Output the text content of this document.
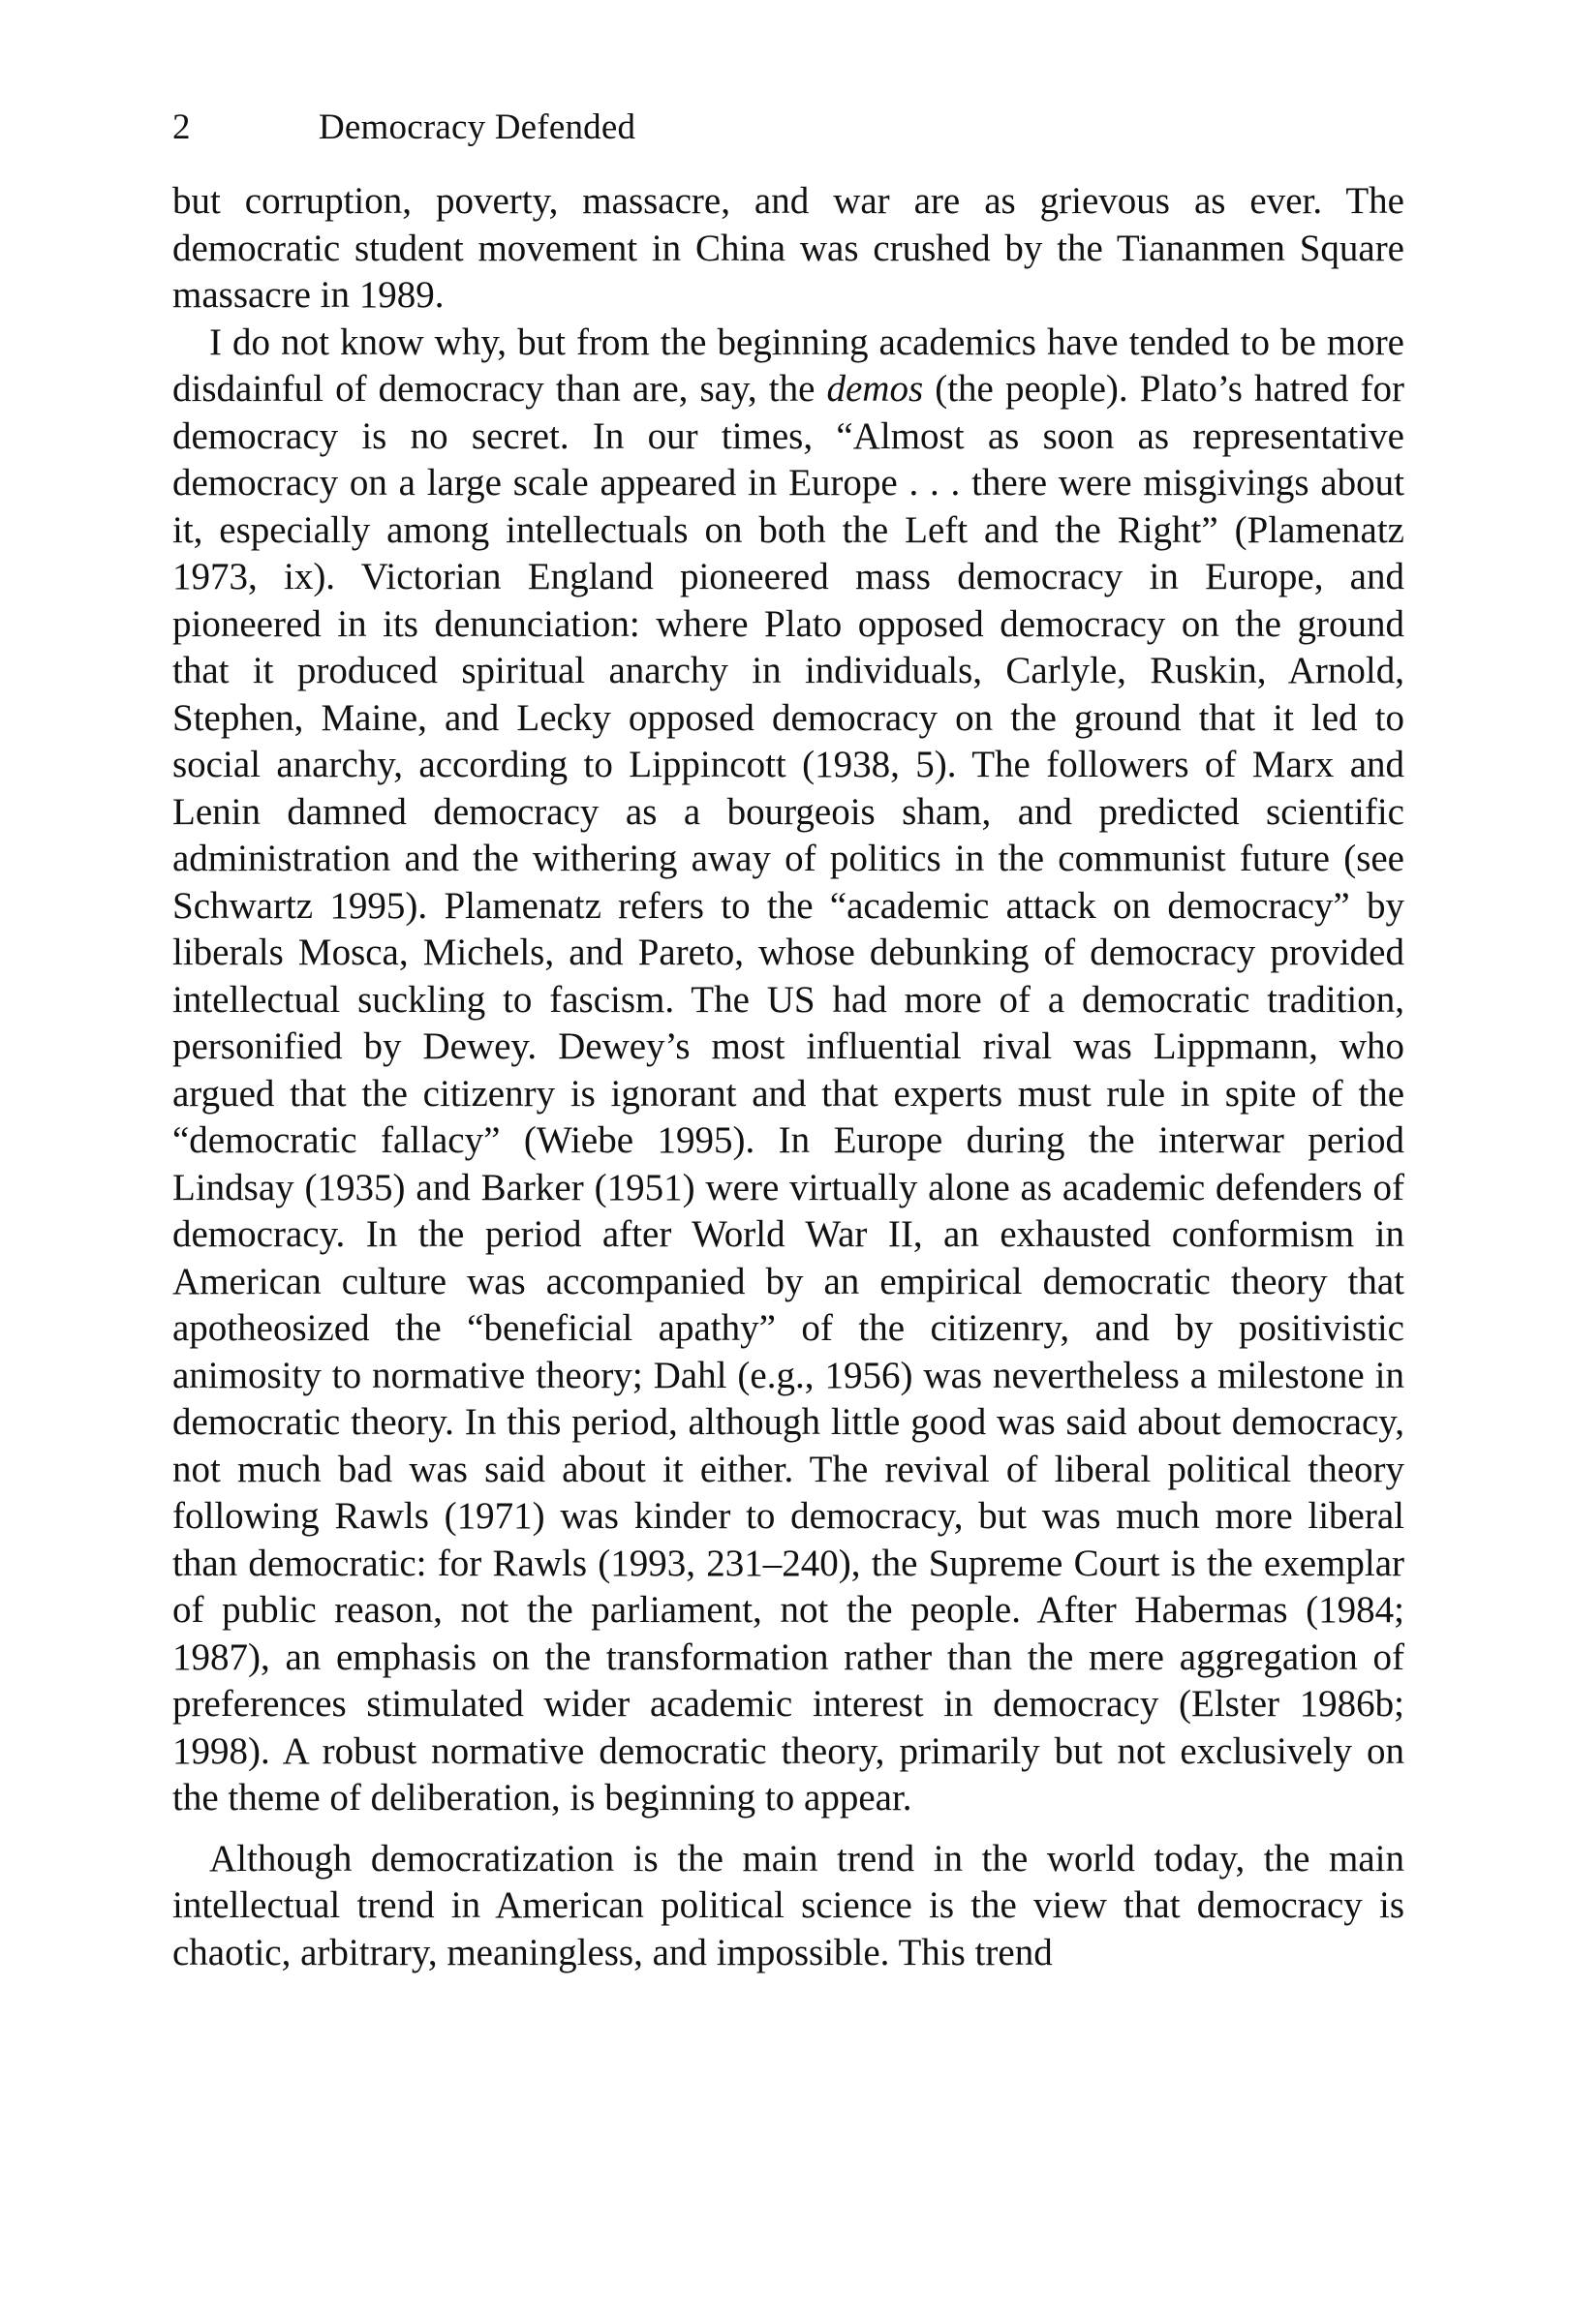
2	Democracy Defended

but corruption, poverty, massacre, and war are as grievous as ever. The democratic student movement in China was crushed by the Tiananmen Square massacre in 1989.

I do not know why, but from the beginning academics have tended to be more disdainful of democracy than are, say, the demos (the people). Plato’s hatred for democracy is no secret. In our times, “Almost as soon as representative democracy on a large scale appeared in Europe . . . there were misgivings about it, especially among intellectuals on both the Left and the Right” (Plamenatz 1973, ix). Victorian England pioneered mass democracy in Europe, and pioneered in its denunciation: where Plato opposed democracy on the ground that it produced spiritual anarchy in individuals, Carlyle, Ruskin, Arnold, Stephen, Maine, and Lecky opposed democracy on the ground that it led to social anarchy, according to Lippincott (1938, 5). The followers of Marx and Lenin damned democracy as a bourgeois sham, and predicted scientific administration and the withering away of politics in the communist future (see Schwartz 1995). Plamenatz refers to the “academic attack on democracy” by liberals Mosca, Michels, and Pareto, whose debunking of democracy provided intellectual suckling to fascism. The US had more of a democratic tradition, personified by Dewey. Dewey’s most influential rival was Lippmann, who argued that the citizenry is ignorant and that experts must rule in spite of the “democratic fallacy” (Wiebe 1995). In Europe during the interwar period Lindsay (1935) and Barker (1951) were virtually alone as academic defenders of democracy. In the period after World War II, an exhausted conformism in American culture was accompanied by an empirical democratic theory that apotheosized the “beneficial apathy” of the citizenry, and by positivistic animosity to normative theory; Dahl (e.g., 1956) was nevertheless a milestone in democratic theory. In this period, although little good was said about democracy, not much bad was said about it either. The revival of liberal political theory following Rawls (1971) was kinder to democracy, but was much more liberal than democratic: for Rawls (1993, 231–240), the Supreme Court is the exemplar of public reason, not the parliament, not the people. After Habermas (1984; 1987), an emphasis on the transformation rather than the mere aggregation of preferences stimulated wider academic interest in democracy (Elster 1986b; 1998). A robust normative democratic theory, primarily but not exclusively on the theme of deliberation, is beginning to appear.

Although democratization is the main trend in the world today, the main intellectual trend in American political science is the view that democracy is chaotic, arbitrary, meaningless, and impossible. This trend
